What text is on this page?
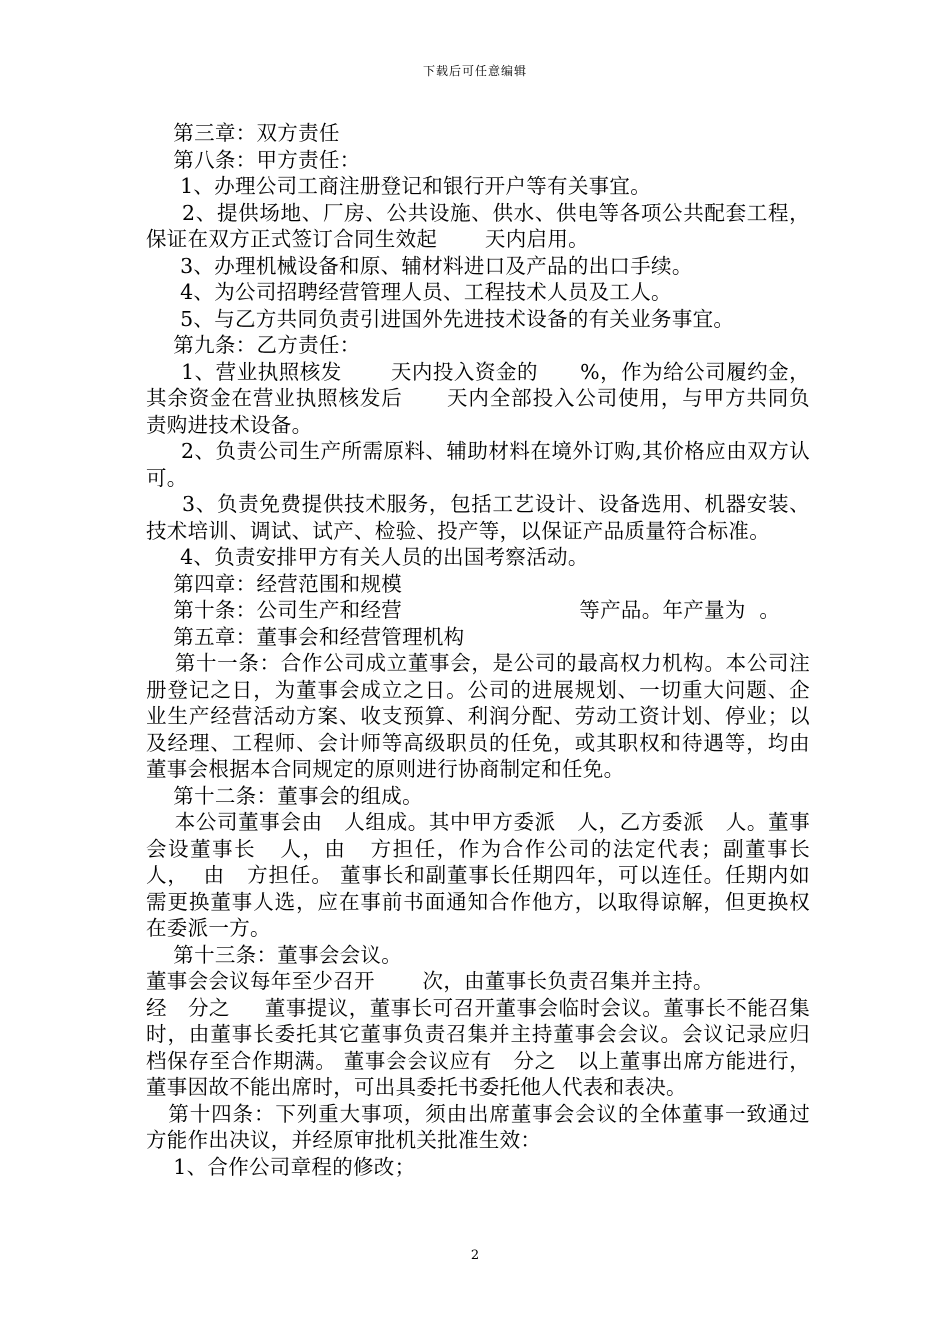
下载后可任意编辑

第三章：双方责任

第八条：甲方责任：

1、办理公司工商注册登记和银行开户等有关事宜。

2、提供场地、厂房、公共设施、供水、供电等各项公共配套工程，保证在双方正式签订合同生效起       天内启用。

3、办理机械设备和原、辅材料进口及产品的出口手续。

4、为公司招聘经营管理人员、工程技术人员及工人。

5、与乙方共同负责引进国外先进技术设备的有关业务事宜。

第九条：乙方责任：

1、营业执照核发       天内投入资金的      %，作为给公司履约金，其余资金在营业执照核发后      天内全部投入公司使用，与甲方共同负责购进技术设备。

2、负责公司生产所需原料、辅助材料在境外订购,其价格应由双方认可。

3、负责免费提供技术服务，包括工艺设计、设备选用、机器安装、技术培训、调试、试产、检验、投产等，以保证产品质量符合标准。

4、负责安排甲方有关人员的出国考察活动。

第四章：经营范围和规模

第十条：公司生产和经营                          等产品。年产量为  。

第五章：董事会和经营管理机构

第十一条：合作公司成立董事会，是公司的最高权力机构。本公司注册登记之日，为董事会成立之日。公司的进展规划、一切重大问题、企业生产经营活动方案、收支预算、利润分配、劳动工资计划、停业；以及经理、工程师、会计师等高级职员的任免，或其职权和待遇等，均由董事会根据本合同规定的原则进行协商制定和任免。

第十二条：董事会的组成。

本公司董事会由   人组成。其中甲方委派   人，乙方委派   人。董事会设董事长   人，由   方担任，作为合作公司的法定代表；副董事长   人，  由   方担任。 董事长和副董事长任期四年，可以连任。任期内如需更换董事人选，应在事前书面通知合作他方，以取得谅解，但更换权在委派一方。

第十三条：董事会会议。

董事会会议每年至少召开       次，由董事长负责召集并主持。

经   分之     董事提议，董事长可召开董事会临时会议。董事长不能召集时，由董事长委托其它董事负责召集并主持董事会会议。会议记录应归档保存至合作期满。 董事会会议应有   分之   以上董事出席方能进行，董事因故不能出席时，可出具委托书委托他人代表和表决。

第十四条：下列重大事项，须由出席董事会会议的全体董事一致通过方能作出决议，并经原审批机关批准生效：

1、合作公司章程的修改；

2
